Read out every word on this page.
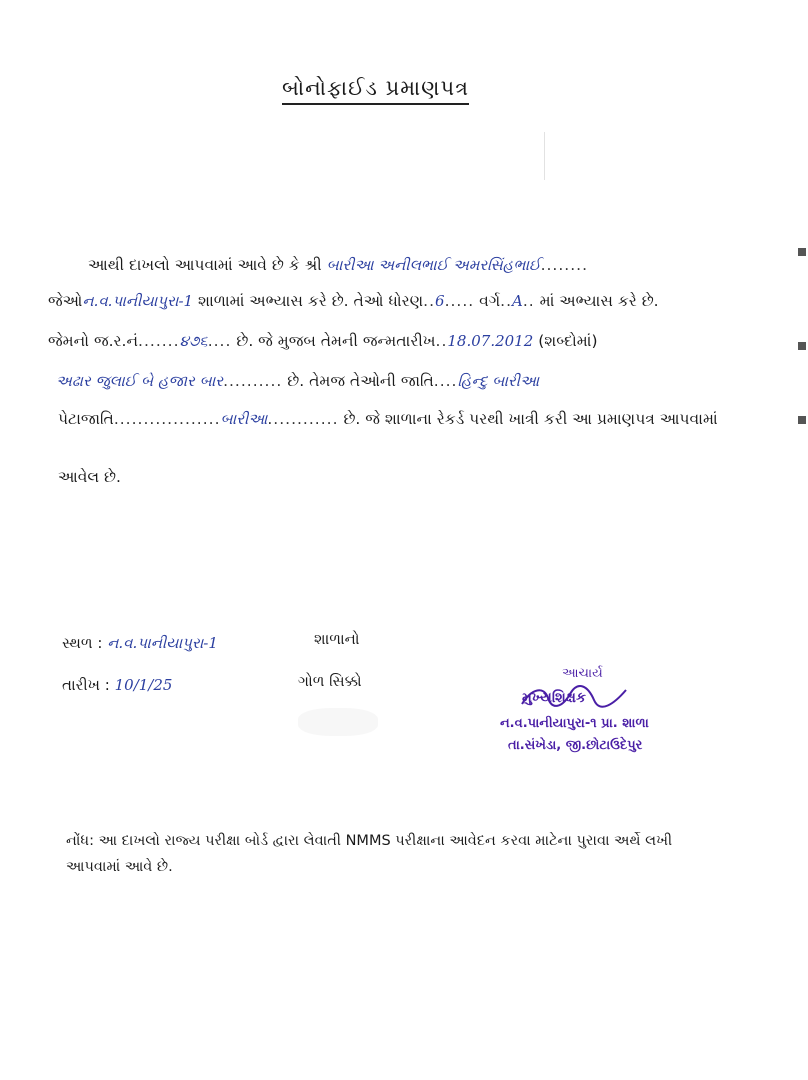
બોનોફાઈડ પ્રમાણપત્ર
આથી દાખલો આપવામાં આવે છે કે શ્રી બારીઆ અનીલભાઈ અમરસિંહભાઈ........
જેઓન.વ.પાનીયાપુરા-1 શાળામાં અભ્યાસ કરે છે. તેઓ ધોરણ..6..... વર્ગ..A.. માં અભ્યાસ કરે છે.
જેમનો જ.ર.નં.......૪૭૬.... છે. જે મુજબ તેમની જન્મતારીખ..18.07.2012 (શબ્દોમાં)
અઢાર જુલાઈ બે હજાર બાર.......... છે. તેમજ તેઓની જાતિ....હિન્દુ બારીઆ
પેટાજાતિ..................બારીઆ............ છે. જે શાળાના રેકર્ડ પરથી ખાત્રી કરી આ પ્રમાણપત્ર આપવામાં
આવેલ છે.
સ્થળ : ન.વ.પાનીયાપુરા-1	શાળાનો
તારીખ : 10/1/25	ગોળ સિક્કો	આચાર્ય
મુખ્યશિક્ષક
ન.વ.પાનીયાપુરા-૧ પ્રા. શાળા
તા.સંખેડા, જી.છોટાઉદેપુર
નોંધ: આ દાખલો રાજ્ય પરીક્ષા બોર્ડ દ્વારા લેવાતી NMMS પરીક્ષાના આવેદન કરવા માટેના પુરાવા અર્થે લખી આપવામાં આવે છે.
